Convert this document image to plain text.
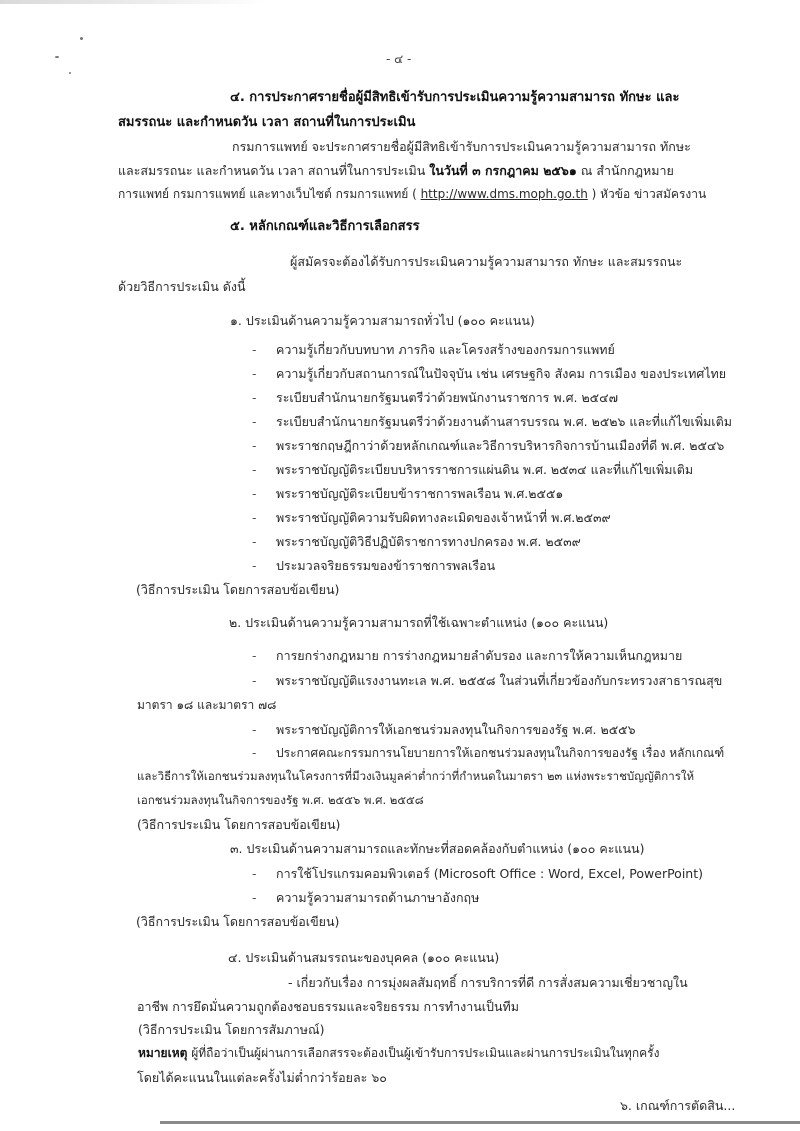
- ๔ -
๔. การประกาศรายชื่อผู้มีสิทธิเข้ารับการประเมินความรู้ความสามารถ ทักษะ และ
สมรรถนะ และกำหนดวัน เวลา สถานที่ในการประเมิน
กรมการแพทย์ จะประกาศรายชื่อผู้มีสิทธิเข้ารับการประเมินความรู้ความสามารถ ทักษะ
และสมรรถนะ และกำหนดวัน เวลา สถานที่ในการประเมิน ในวันที่ ๓ กรกฎาคม ๒๕๖๑ ณ สำนักกฎหมาย
การแพทย์ กรมการแพทย์ และทางเว็บไซต์ กรมการแพทย์ ( http://www.dms.moph.go.th ) หัวข้อ ข่าวสมัครงาน
๕. หลักเกณฑ์และวิธีการเลือกสรร
ผู้สมัครจะต้องได้รับการประเมินความรู้ความสามารถ ทักษะ และสมรรถนะ
ด้วยวิธีการประเมิน ดังนี้
๑. ประเมินด้านความรู้ความสามารถทั่วไป (๑๐๐ คะแนน)
- ความรู้เกี่ยวกับบทบาท ภารกิจ และโครงสร้างของกรมการแพทย์
- ความรู้เกี่ยวกับสถานการณ์ในปัจจุบัน เช่น เศรษฐกิจ สังคม การเมือง ของประเทศไทย
- ระเบียบสำนักนายกรัฐมนตรีว่าด้วยพนักงานราชการ พ.ศ. ๒๕๔๗
- ระเบียบสำนักนายกรัฐมนตรีว่าด้วยงานด้านสารบรรณ พ.ศ. ๒๕๒๖ และที่แก้ไขเพิ่มเติม
- พระราชกฤษฎีกาว่าด้วยหลักเกณฑ์และวิธีการบริหารกิจการบ้านเมืองที่ดี พ.ศ. ๒๕๔๖
- พระราชบัญญัติระเบียบบริหารราชการแผ่นดิน พ.ศ. ๒๕๓๔ และที่แก้ไขเพิ่มเติม
- พระราชบัญญัติระเบียบข้าราชการพลเรือน พ.ศ.๒๕๕๑
- พระราชบัญญัติความรับผิดทางละเมิดของเจ้าหน้าที่ พ.ศ.๒๕๓๙
- พระราชบัญญัติวิธีปฏิบัติราชการทางปกครอง พ.ศ. ๒๕๓๙
- ประมวลจริยธรรมของข้าราชการพลเรือน
(วิธีการประเมิน โดยการสอบข้อเขียน)
๒. ประเมินด้านความรู้ความสามารถที่ใช้เฉพาะตำแหน่ง (๑๐๐ คะแนน)
- การยกร่างกฎหมาย การร่างกฎหมายลำดับรอง และการให้ความเห็นกฎหมาย
- พระราชบัญญัติแรงงานทะเล พ.ศ. ๒๕๕๘ ในส่วนที่เกี่ยวข้องกับกระทรวงสาธารณสุข
มาตรา ๑๘ และมาตรา ๗๘
- พระราชบัญญัติการให้เอกชนร่วมลงทุนในกิจการของรัฐ พ.ศ. ๒๕๕๖
- ประกาศคณะกรรมการนโยบายการให้เอกชนร่วมลงทุนในกิจการของรัฐ เรื่อง หลักเกณฑ์
และวิธีการให้เอกชนร่วมลงทุนในโครงการที่มีวงเงินมูลค่าต่ำกว่าที่กำหนดในมาตรา ๒๓ แห่งพระราชบัญญัติการให้
เอกชนร่วมลงทุนในกิจการของรัฐ พ.ศ. ๒๕๕๖ พ.ศ. ๒๕๕๘
(วิธีการประเมิน โดยการสอบข้อเขียน)
๓. ประเมินด้านความสามารถและทักษะที่สอดคล้องกับตำแหน่ง (๑๐๐ คะแนน)
- การใช้โปรแกรมคอมพิวเตอร์ (Microsoft Office : Word, Excel, PowerPoint)
- ความรู้ความสามารถด้านภาษาอังกฤษ
(วิธีการประเมิน โดยการสอบข้อเขียน)
๔. ประเมินด้านสมรรถนะของบุคคล (๑๐๐ คะแนน)
- เกี่ยวกับเรื่อง การมุ่งผลสัมฤทธิ์ การบริการที่ดี การสั่งสมความเชี่ยวชาญใน
อาชีพ การยึดมั่นความถูกต้องชอบธรรมและจริยธรรม การทำงานเป็นทีม
(วิธีการประเมิน โดยการสัมภาษณ์)
หมายเหตุ ผู้ที่ถือว่าเป็นผู้ผ่านการเลือกสรรจะต้องเป็นผู้เข้ารับการประเมินและผ่านการประเมินในทุกครั้ง
โดยได้คะแนนในแต่ละครั้งไม่ต่ำกว่าร้อยละ ๖๐
๖. เกณฑ์การตัดสิน...
